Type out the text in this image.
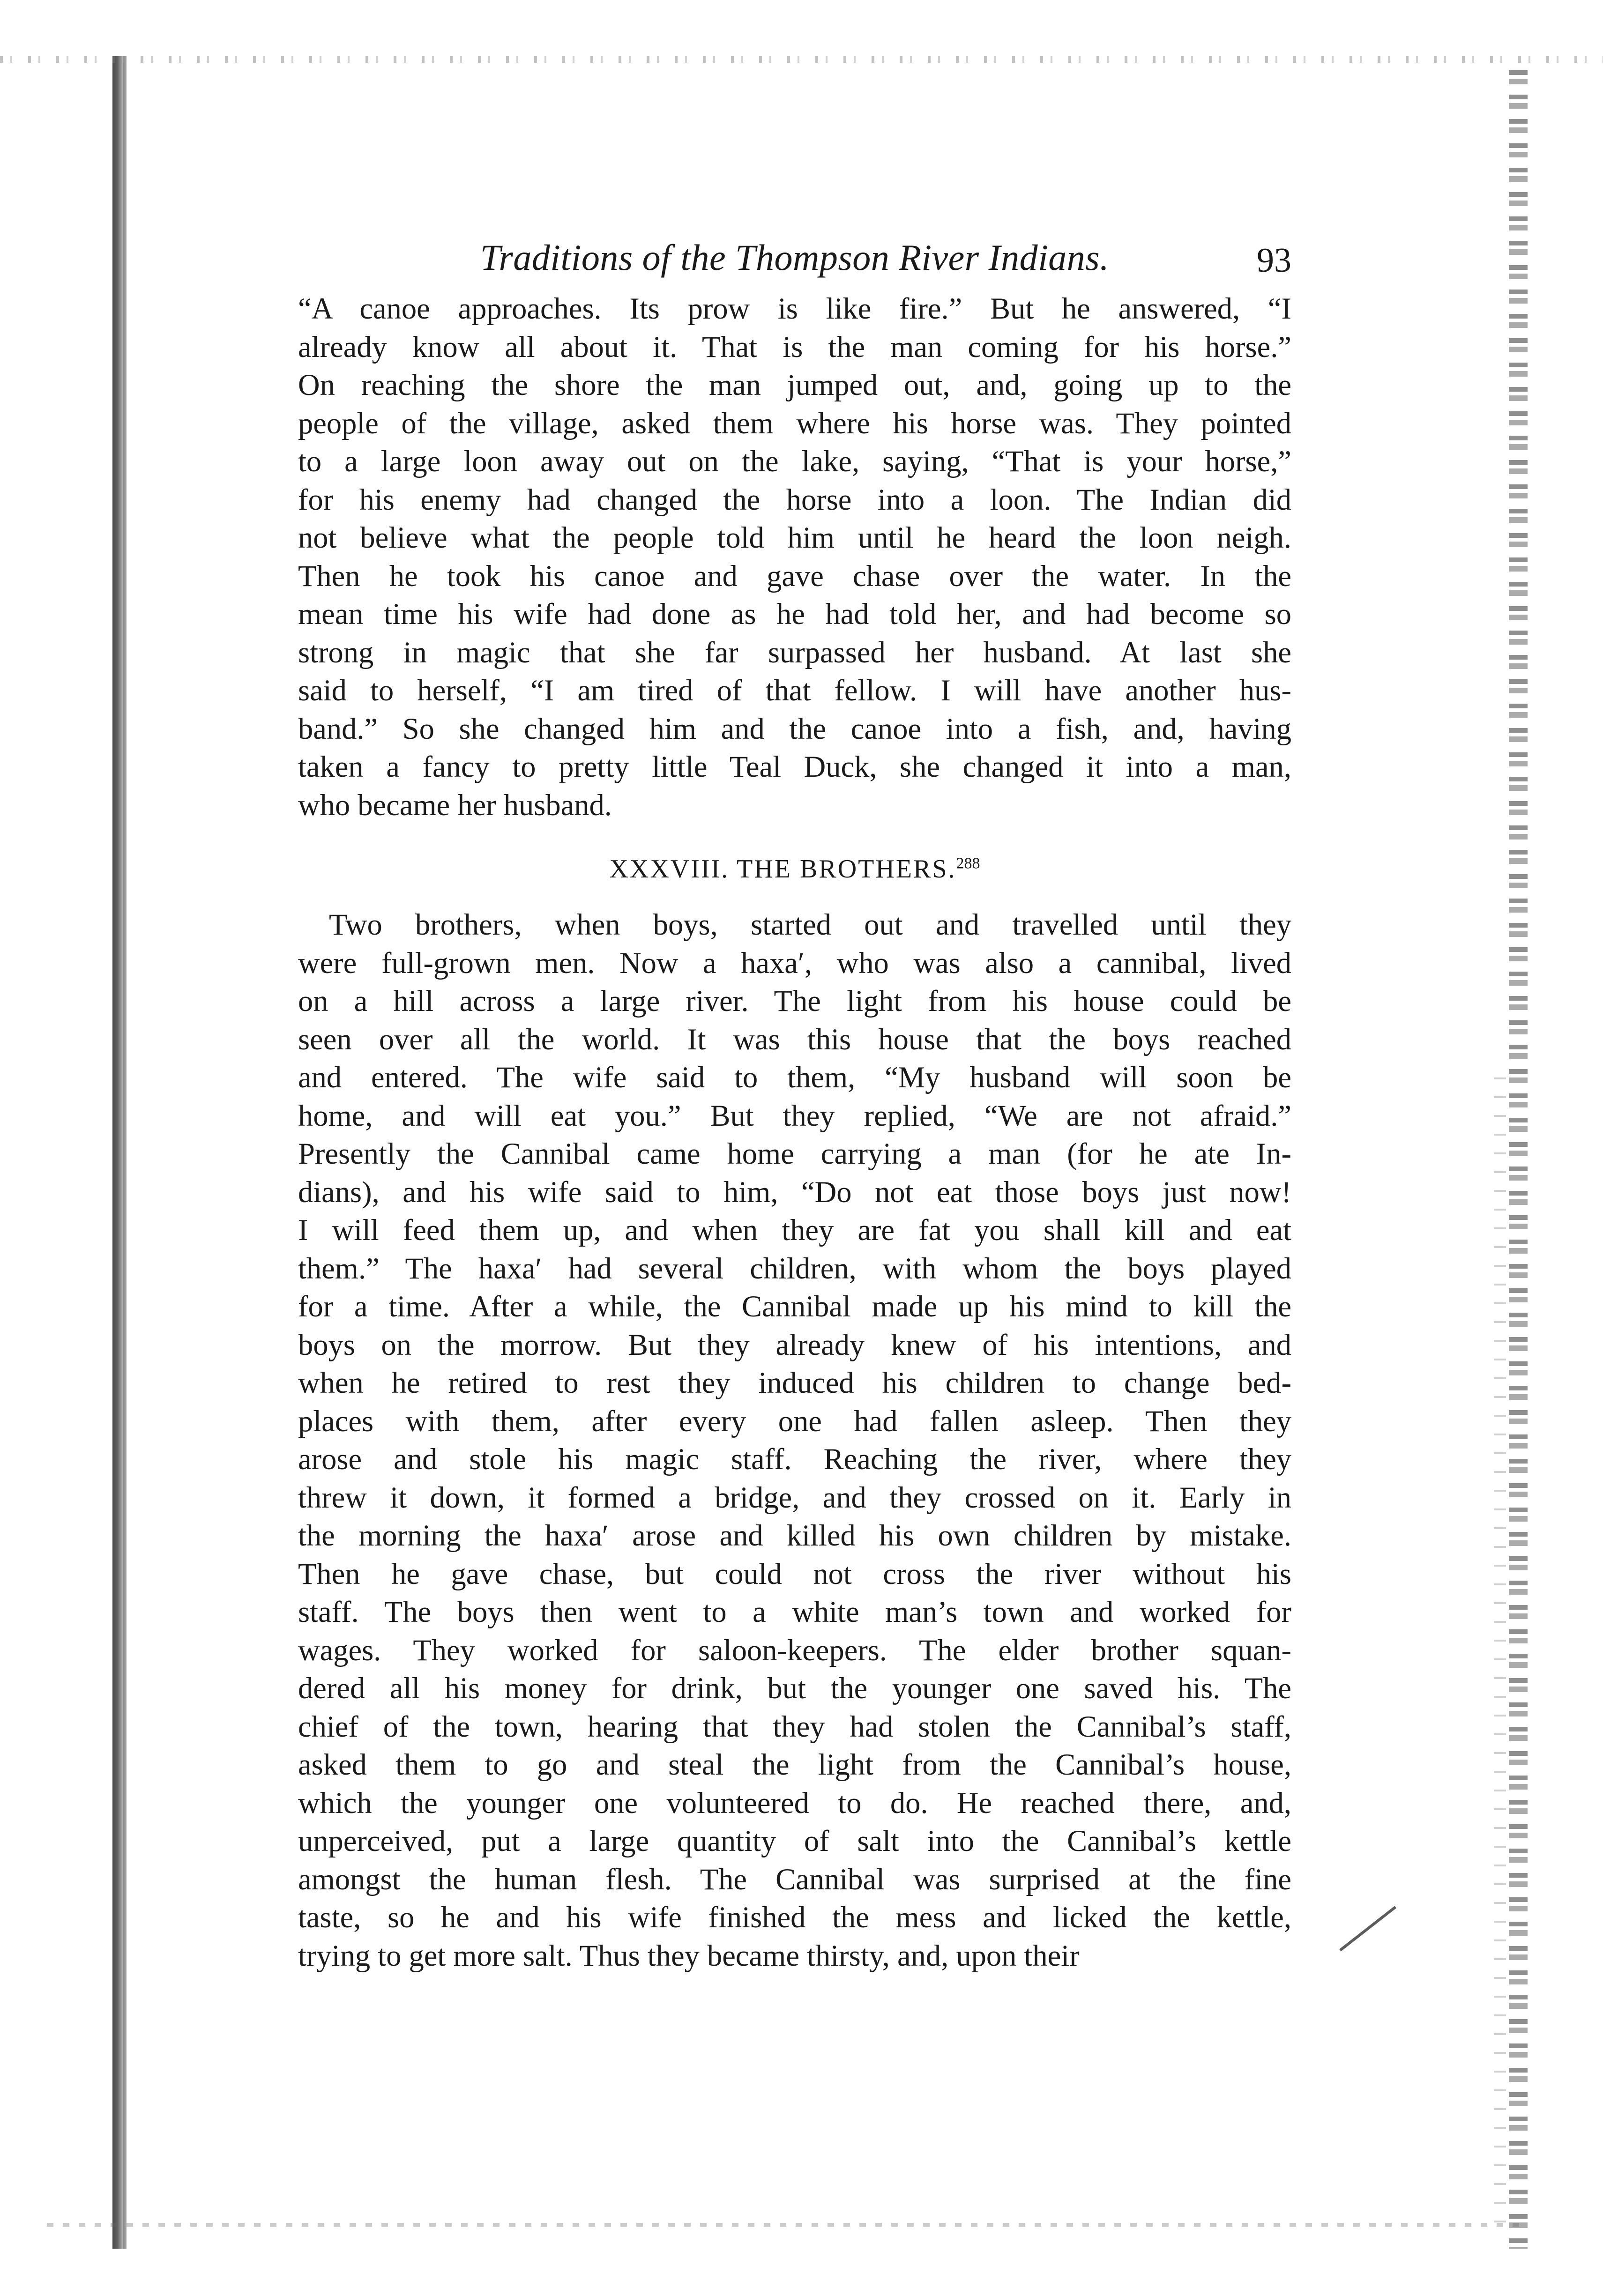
Traditions of the Thompson River Indians.	93

“A canoe approaches. Its prow is like fire.” But he answered, “I
already know all about it. That is the man coming for his horse.”
On reaching the shore the man jumped out, and, going up to the
people of the village, asked them where his horse was. They pointed
to a large loon away out on the lake, saying, “That is your horse,”
for his enemy had changed the horse into a loon. The Indian did
not believe what the people told him until he heard the loon neigh.
Then he took his canoe and gave chase over the water. In the
mean time his wife had done as he had told her, and had become so
strong in magic that she far surpassed her husband. At last she
said to herself, “I am tired of that fellow. I will have another hus-
band.” So she changed him and the canoe into a fish, and, having
taken a fancy to pretty little Teal Duck, she changed it into a man,
who became her husband.

XXXVIII. THE BROTHERS.$^{288}$

Two brothers, when boys, started out and travelled until they
were full-grown men. Now a haxa′, who was also a cannibal, lived
on a hill across a large river. The light from his house could be
seen over all the world. It was this house that the boys reached
and entered. The wife said to them, “My husband will soon be
home, and will eat you.” But they replied, “We are not afraid.”
Presently the Cannibal came home carrying a man (for he ate In-
dians), and his wife said to him, “Do not eat those boys just now!
I will feed them up, and when they are fat you shall kill and eat
them.” The haxa′ had several children, with whom the boys played
for a time. After a while, the Cannibal made up his mind to kill the
boys on the morrow. But they already knew of his intentions, and
when he retired to rest they induced his children to change bed-
places with them, after every one had fallen asleep. Then they
arose and stole his magic staff. Reaching the river, where they
threw it down, it formed a bridge, and they crossed on it. Early in
the morning the haxa′ arose and killed his own children by mistake.
Then he gave chase, but could not cross the river without his
staff. The boys then went to a white man’s town and worked for
wages. They worked for saloon-keepers. The elder brother squan-
dered all his money for drink, but the younger one saved his. The
chief of the town, hearing that they had stolen the Cannibal’s staff,
asked them to go and steal the light from the Cannibal’s house,
which the younger one volunteered to do. He reached there, and,
unperceived, put a large quantity of salt into the Cannibal’s kettle
amongst the human flesh. The Cannibal was surprised at the fine
taste, so he and his wife finished the mess and licked the kettle,
trying to get more salt. Thus they became thirsty, and, upon their
